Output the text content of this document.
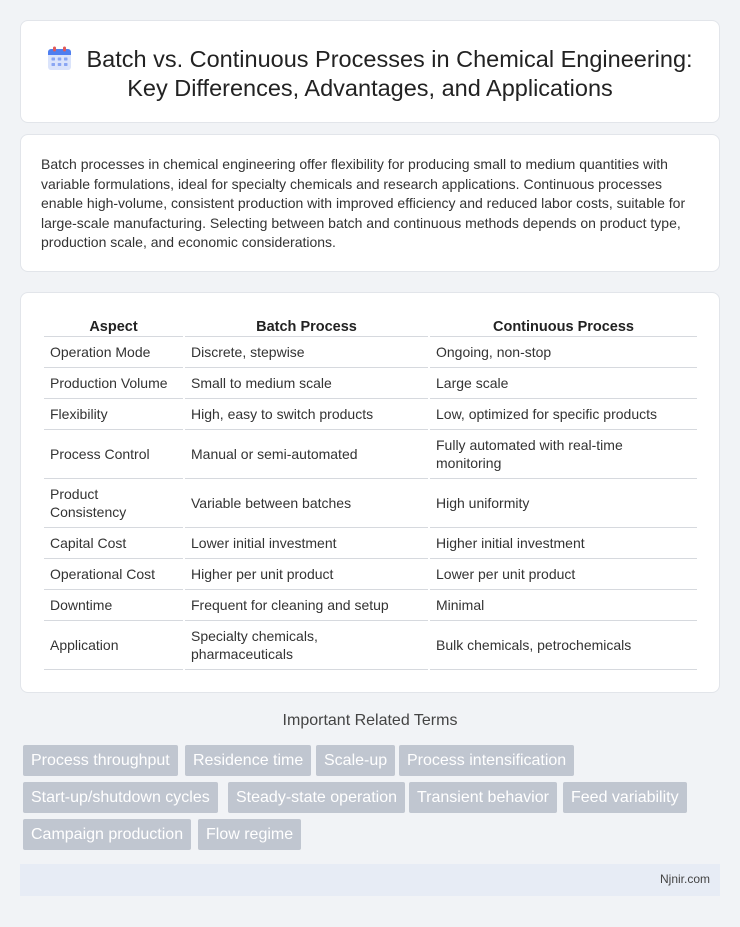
Batch vs. Continuous Processes in Chemical Engineering: Key Differences, Advantages, and Applications

Batch processes in chemical engineering offer flexibility for producing small to medium quantities with variable formulations, ideal for specialty chemicals and research applications. Continuous processes enable high-volume, consistent production with improved efficiency and reduced labor costs, suitable for large-scale manufacturing. Selecting between batch and continuous methods depends on product type, production scale, and economic considerations.

Aspect	Batch Process	Continuous Process
Operation Mode	Discrete, stepwise	Ongoing, non-stop
Production Volume	Small to medium scale	Large scale
Flexibility	High, easy to switch products	Low, optimized for specific products
Process Control	Manual or semi-automated	Fully automated with real-time monitoring
Product Consistency	Variable between batches	High uniformity
Capital Cost	Lower initial investment	Higher initial investment
Operational Cost	Higher per unit product	Lower per unit product
Downtime	Frequent for cleaning and setup	Minimal
Application	Specialty chemicals, pharmaceuticals	Bulk chemicals, petrochemicals
Important Related Terms
Process throughput	Residence time	Scale-up	Process intensification
Start-up/shutdown cycles	Steady-state operation	Transient behavior	Feed variability
Campaign production	Flow regime
Njnir.com
